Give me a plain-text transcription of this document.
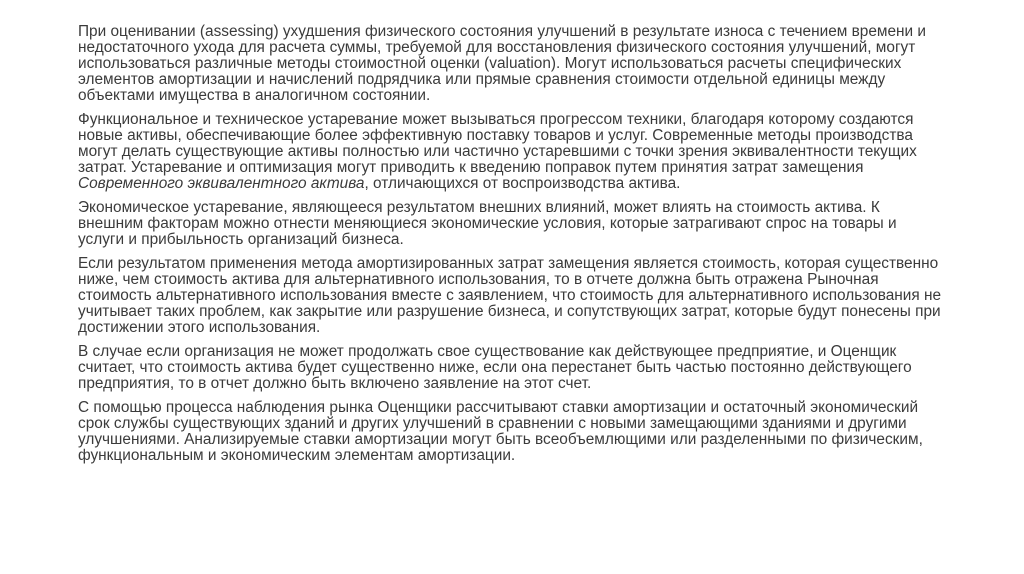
При оценивании (assessing) ухудшения физического состояния улучшений в результате износа с течением времени и недостаточного ухода для расчета суммы, требуемой для восстановления физического состояния улучшений, могут использоваться различные методы стоимостной оценки (valuation). Могут использоваться расчеты специфических элементов амортизации и начислений подрядчика или прямые сравнения стоимости отдельной единицы между объектами имущества в аналогичном состоянии.

Функциональное и техническое устаревание может вызываться прогрессом техники, благодаря которому создаются новые активы, обеспечивающие более эффективную поставку товаров и услуг. Современные методы производства могут делать существующие активы полностью или частично устаревшими с точки зрения эквивалентности текущих затрат. Устаревание и оптимизация могут приводить к введению поправок путем принятия затрат замещения Современного эквивалентного актива, отличающихся от воспроизводства актива.

Экономическое устаревание, являющееся результатом внешних влияний, может влиять на стоимость актива. К внешним факторам можно отнести меняющиеся экономические условия, которые затрагивают спрос на товары и услуги и прибыльность организаций бизнеса.

Если результатом применения метода амортизированных затрат замещения является стоимость, которая существенно ниже, чем стоимость актива для альтернативного использования, то в отчете должна быть отражена Рыночная стоимость альтернативного использования вместе с заявлением, что стоимость для альтернативного использования не учитывает таких проблем, как закрытие или разрушение бизнеса, и сопутствующих затрат, которые будут понесены при достижении этого использования.

В случае если организация не может продолжать свое существование как действующее предприятие, и Оценщик считает, что стоимость актива будет существенно ниже, если она перестанет быть частью постоянно действующего предприятия, то в отчет должно быть включено заявление на этот счет.

С помощью процесса наблюдения рынка Оценщики рассчитывают ставки амортизации и остаточный экономический срок службы существующих зданий и других улучшений в сравнении с новыми замещающими зданиями и другими улучшениями. Анализируемые ставки амортизации могут быть всеобъемлющими или разделенными по физическим, функциональным и экономическим элементам амортизации.
